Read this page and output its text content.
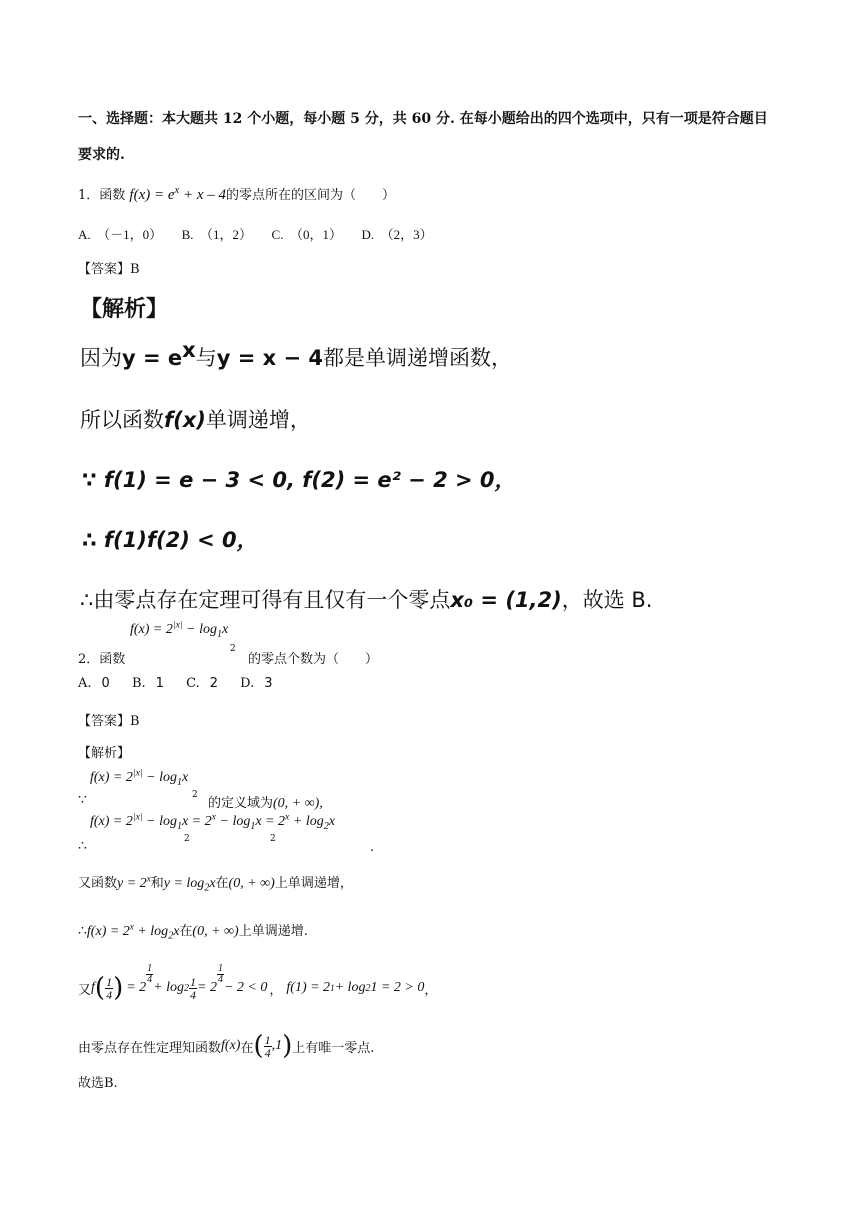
一、选择题：本大题共 12 个小题，每小题 5 分，共 60 分. 在每小题给出的四个选项中，只有一项是符合题目
要求的.
1．函数 $f(x) = e^x + x - 4$的零点所在的区间为（　　）
A.　（－1，0）　　B.　（1，2）　　C.　（0，1）　　D.　（2，3）
【答案】B
【解析】
因为$y = e^x$与y = x − 4都是单调递增函数，
所以函数f(x)单调递增，
∵ f(1) = e − 3 < 0, f(2) = e² − 2 > 0，
∴ f(1)f(2) < 0，
∴由零点存在定理可得有且仅有一个零点x₀ = (1,2)，故选 B.
$f(x) = 2^{|x|} - \log_1x$
2．函数
2
的零点个数为（　　）
A. 0 B. 1 C. 2 D. 3
【答案】B
【解析】
$f(x) = 2^{|x|} - \log_1x$
∵	2
的定义域为(0, + ∞),
$f(x) = 2^{|x|} - \log_1x = 2^x - \log_1x = 2^x + \log_2x$
∴	2	2
.
又函数$y = 2^x$和$y = \log_2x$在(0, + ∞)上单调递增，
∴f(x) = $2^x + \log_2x$在(0, + ∞)上单调递增.
又 f ( $\frac{1}{4}$ ) = 2
$\frac{1}{4}$
+ $\log 2 \frac{1}{4} = 2$
$\frac{1}{4}$
− 2 < 0 ， f(1) = 2 1 + log 2 1 = 2 > 0 ，
由零点存在性定理知函数 f(x) 在 ( $\frac{1}{4}$ , 1 ) 上有唯一零点.
故选B.
